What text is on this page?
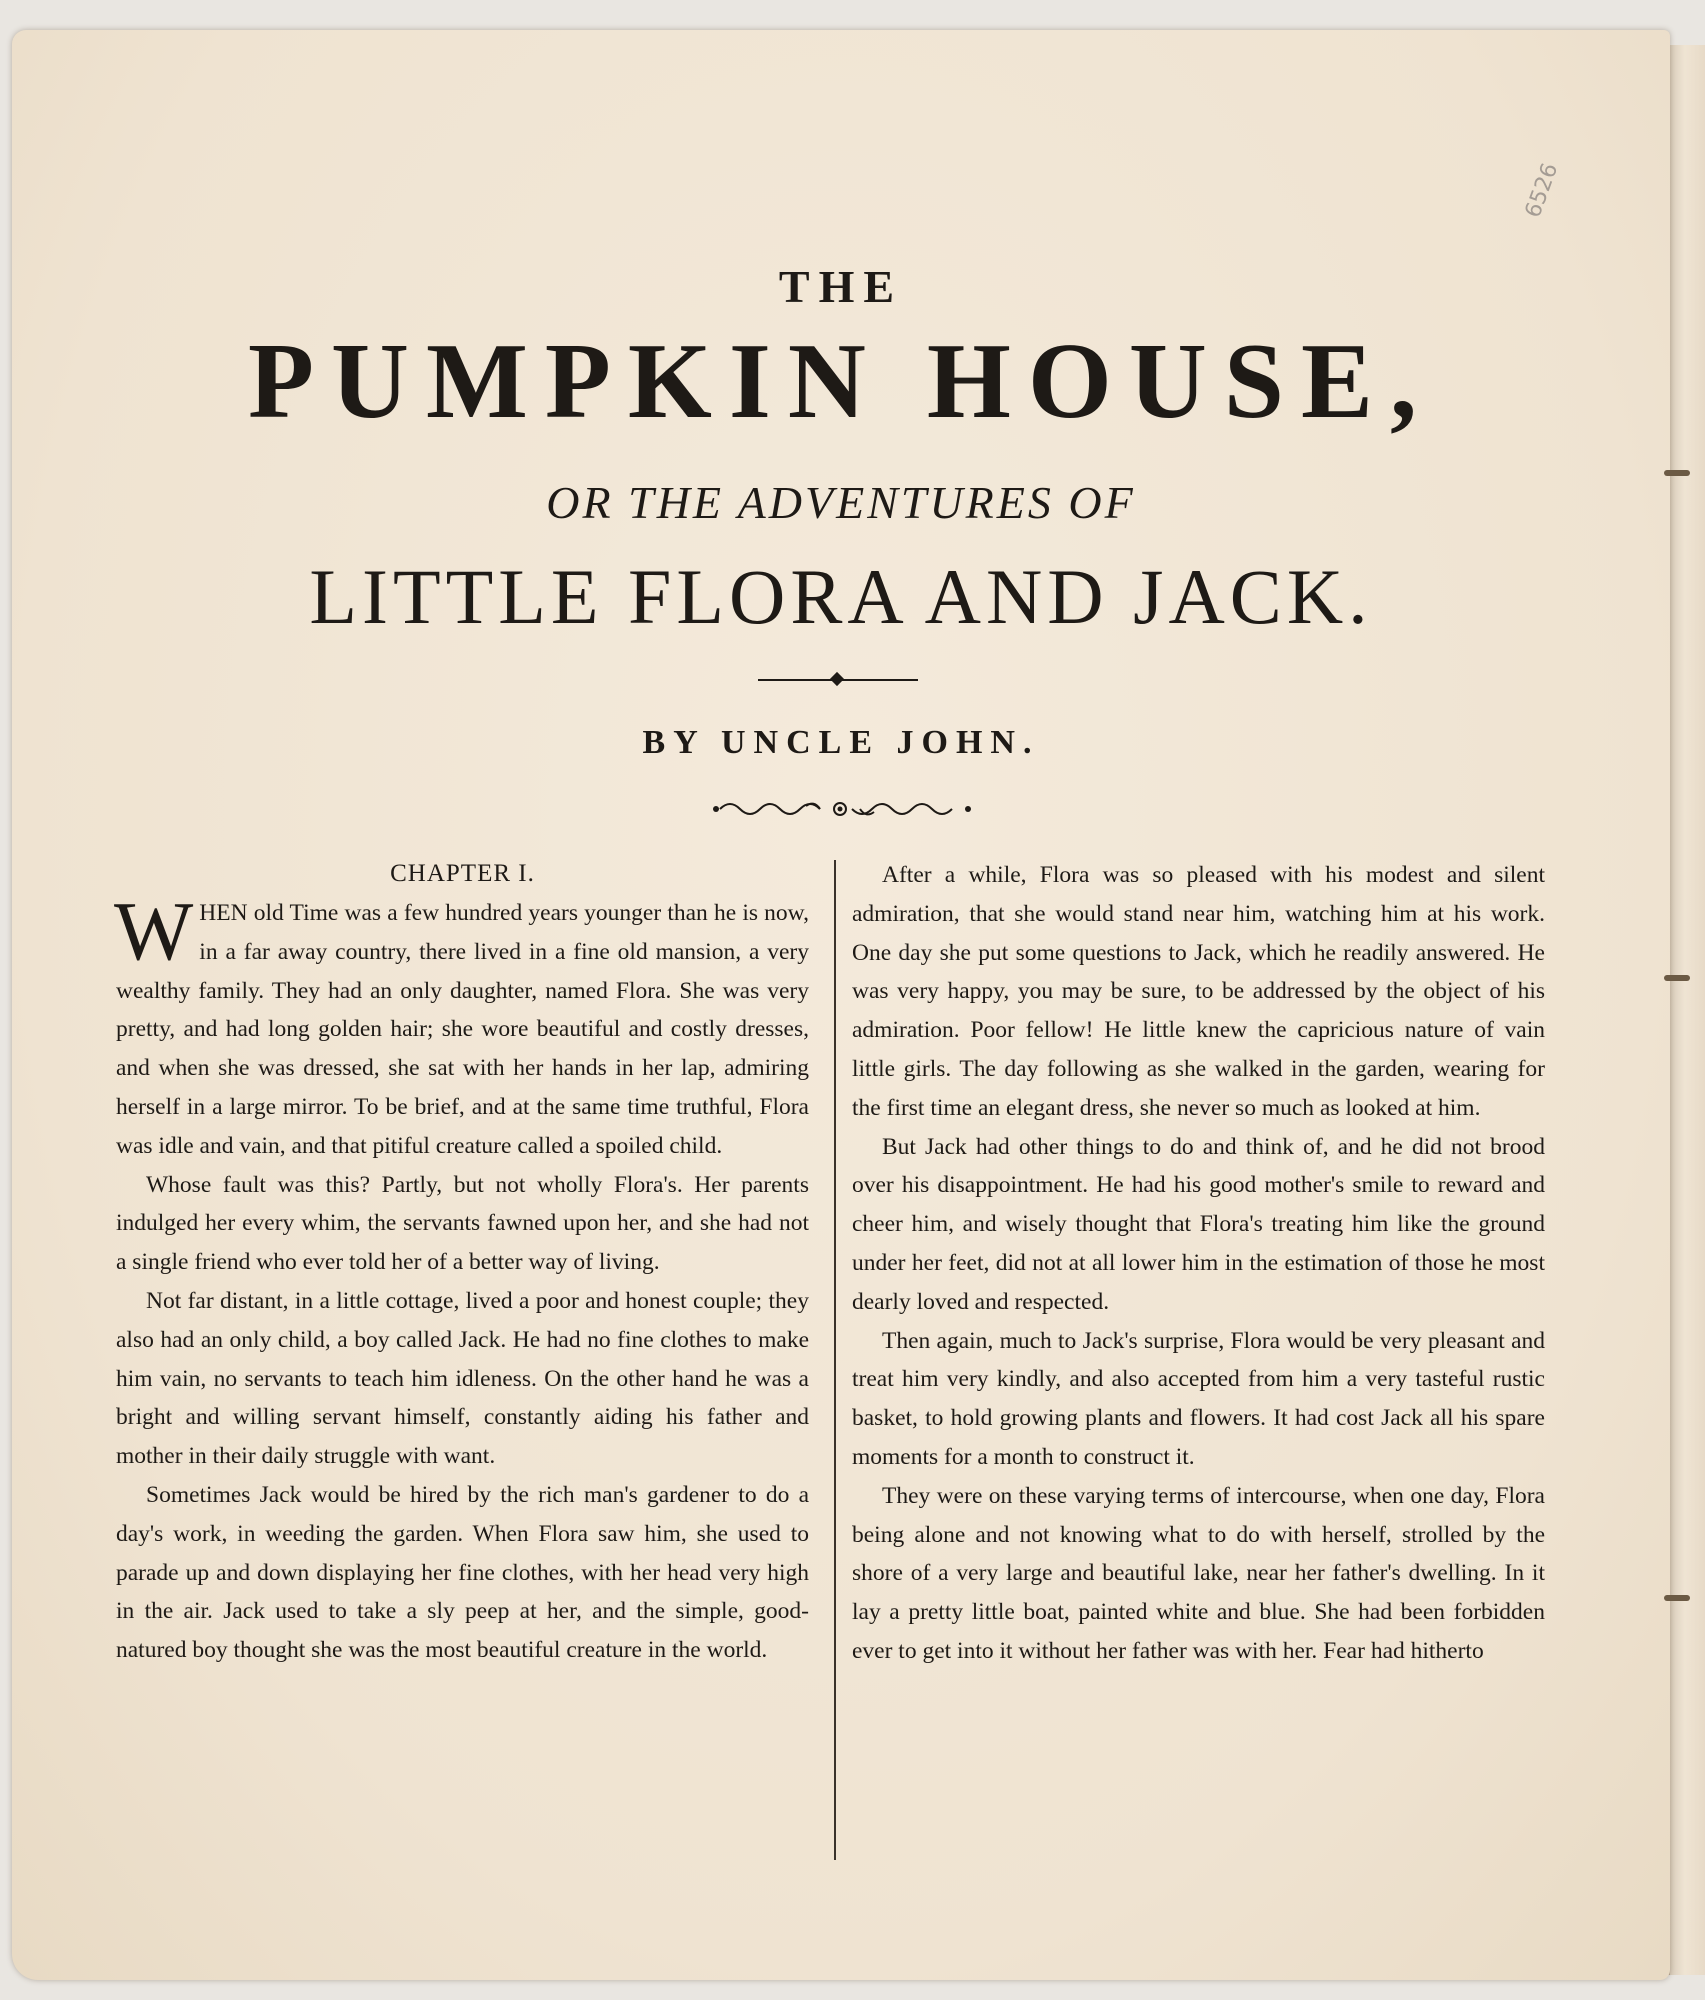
6526
THE
PUMPKIN HOUSE,
OR THE ADVENTURES OF
LITTLE FLORA AND JACK.
BY UNCLE JOHN.
CHAPTER I.

WHEN old Time was a few hundred years younger than he is now, in a far away country, there lived in a fine old mansion, a very wealthy family. They had an only daughter, named Flora. She was very pretty, and had long golden hair; she wore beautiful and costly dresses, and when she was dressed, she sat with her hands in her lap, admiring herself in a large mirror. To be brief, and at the same time truthful, Flora was idle and vain, and that pitiful creature called a spoiled child.

Whose fault was this? Partly, but not wholly Flora's. Her parents indulged her every whim, the servants fawned upon her, and she had not a single friend who ever told her of a better way of living.

Not far distant, in a little cottage, lived a poor and honest couple; they also had an only child, a boy called Jack. He had no fine clothes to make him vain, no servants to teach him idleness. On the other hand he was a bright and willing servant himself, constantly aiding his father and mother in their daily struggle with want.

Sometimes Jack would be hired by the rich man's gardener to do a day's work, in weeding the garden. When Flora saw him, she used to parade up and down displaying her fine clothes, with her head very high in the air. Jack used to take a sly peep at her, and the simple, good-natured boy thought she was the most beautiful creature in the world.

After a while, Flora was so pleased with his modest and silent admiration, that she would stand near him, watching him at his work. One day she put some questions to Jack, which he readily answered. He was very happy, you may be sure, to be addressed by the object of his admiration. Poor fellow! He little knew the capricious nature of vain little girls. The day following as she walked in the garden, wearing for the first time an elegant dress, she never so much as looked at him.

But Jack had other things to do and think of, and he did not brood over his disappointment. He had his good mother's smile to reward and cheer him, and wisely thought that Flora's treating him like the ground under her feet, did not at all lower him in the estimation of those he most dearly loved and respected.

Then again, much to Jack's surprise, Flora would be very pleasant and treat him very kindly, and also accepted from him a very tasteful rustic basket, to hold growing plants and flowers. It had cost Jack all his spare moments for a month to construct it.

They were on these varying terms of intercourse, when one day, Flora being alone and not knowing what to do with herself, strolled by the shore of a very large and beautiful lake, near her father's dwelling. In it lay a pretty little boat, painted white and blue. She had been forbidden ever to get into it without her father was with her. Fear had hitherto
